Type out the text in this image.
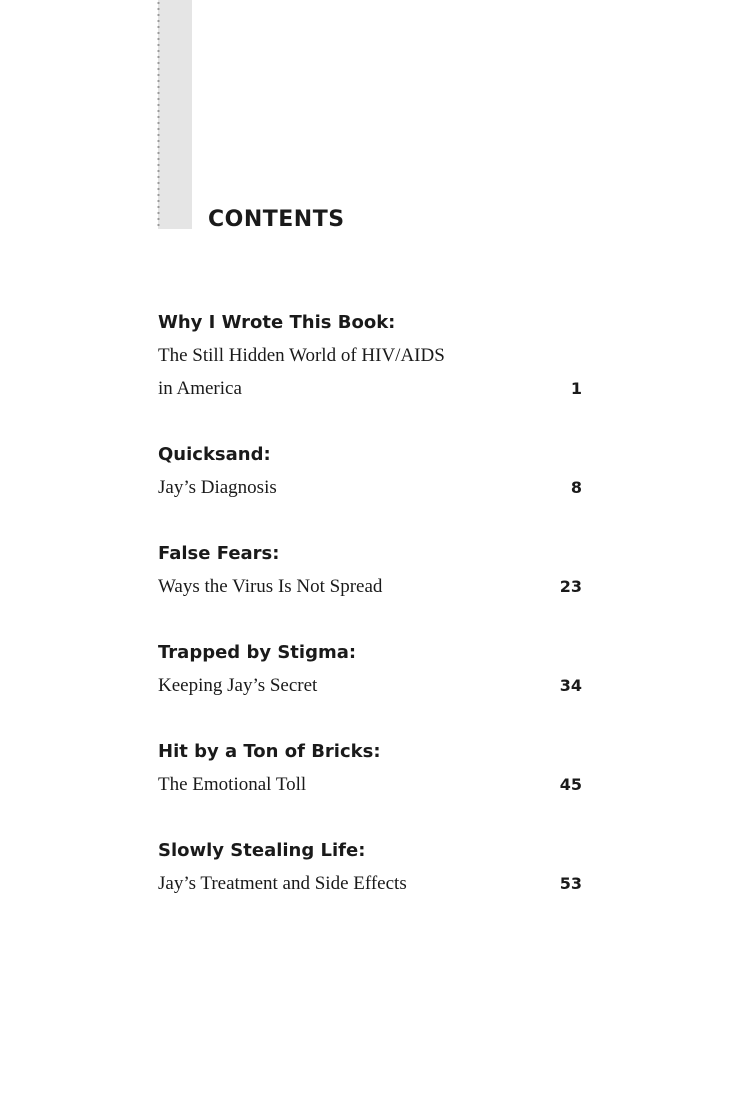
CONTENTS
Why I Wrote This Book:
The Still Hidden World of HIV/AIDS
in America	1
Quicksand:
Jay’s Diagnosis	8
False Fears:
Ways the Virus Is Not Spread	23
Trapped by Stigma:
Keeping Jay’s Secret	34
Hit by a Ton of Bricks:
The Emotional Toll	45
Slowly Stealing Life:
Jay’s Treatment and Side Effects	53
